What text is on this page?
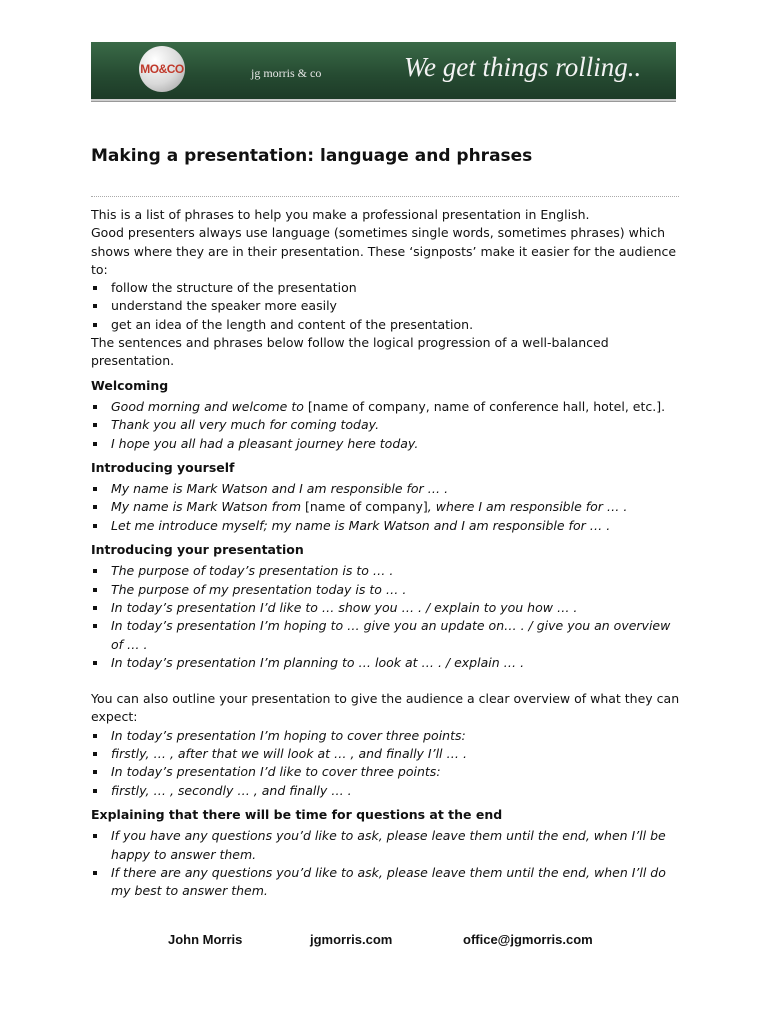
MO&CO	jg morris & co	We get things rolling..
Making a presentation: language and phrases

This is a list of phrases to help you make a professional presentation in English.

Good presenters always use language (sometimes single words, sometimes phrases) which shows where they are in their presentation. These ‘signposts’ make it easier for the audience to:

follow the structure of the presentation
understand the speaker more easily
get an idea of the length and content of the presentation.

The sentences and phrases below follow the logical progression of a well-balanced presentation.

Welcoming
Good morning and welcome to [name of company, name of conference hall, hotel, etc.].
Thank you all very much for coming today.
I hope you all had a pleasant journey here today.
Introducing yourself
My name is Mark Watson and I am responsible for … .
My name is Mark Watson from [name of company], where I am responsible for … .
Let me introduce myself; my name is Mark Watson and I am responsible for … .
Introducing your presentation
The purpose of today’s presentation is to … .
The purpose of my presentation today is to … .
In today’s presentation I’d like to … show you … . / explain to you how … .
In today’s presentation I’m hoping to … give you an update on… . / give you an overview of … .
In today’s presentation I’m planning to … look at … . / explain … .

You can also outline your presentation to give the audience a clear overview of what they can expect:

In today’s presentation I’m hoping to cover three points:
firstly, … , after that we will look at … , and finally I’ll … .
In today’s presentation I’d like to cover three points:
firstly, … , secondly … , and finally … .
Explaining that there will be time for questions at the end
If you have any questions you’d like to ask, please leave them until the end, when I’ll be happy to answer them.
If there are any questions you’d like to ask, please leave them until the end, when I’ll do my best to answer them.
John Morris	jgmorris.com	office@jgmorris.com
